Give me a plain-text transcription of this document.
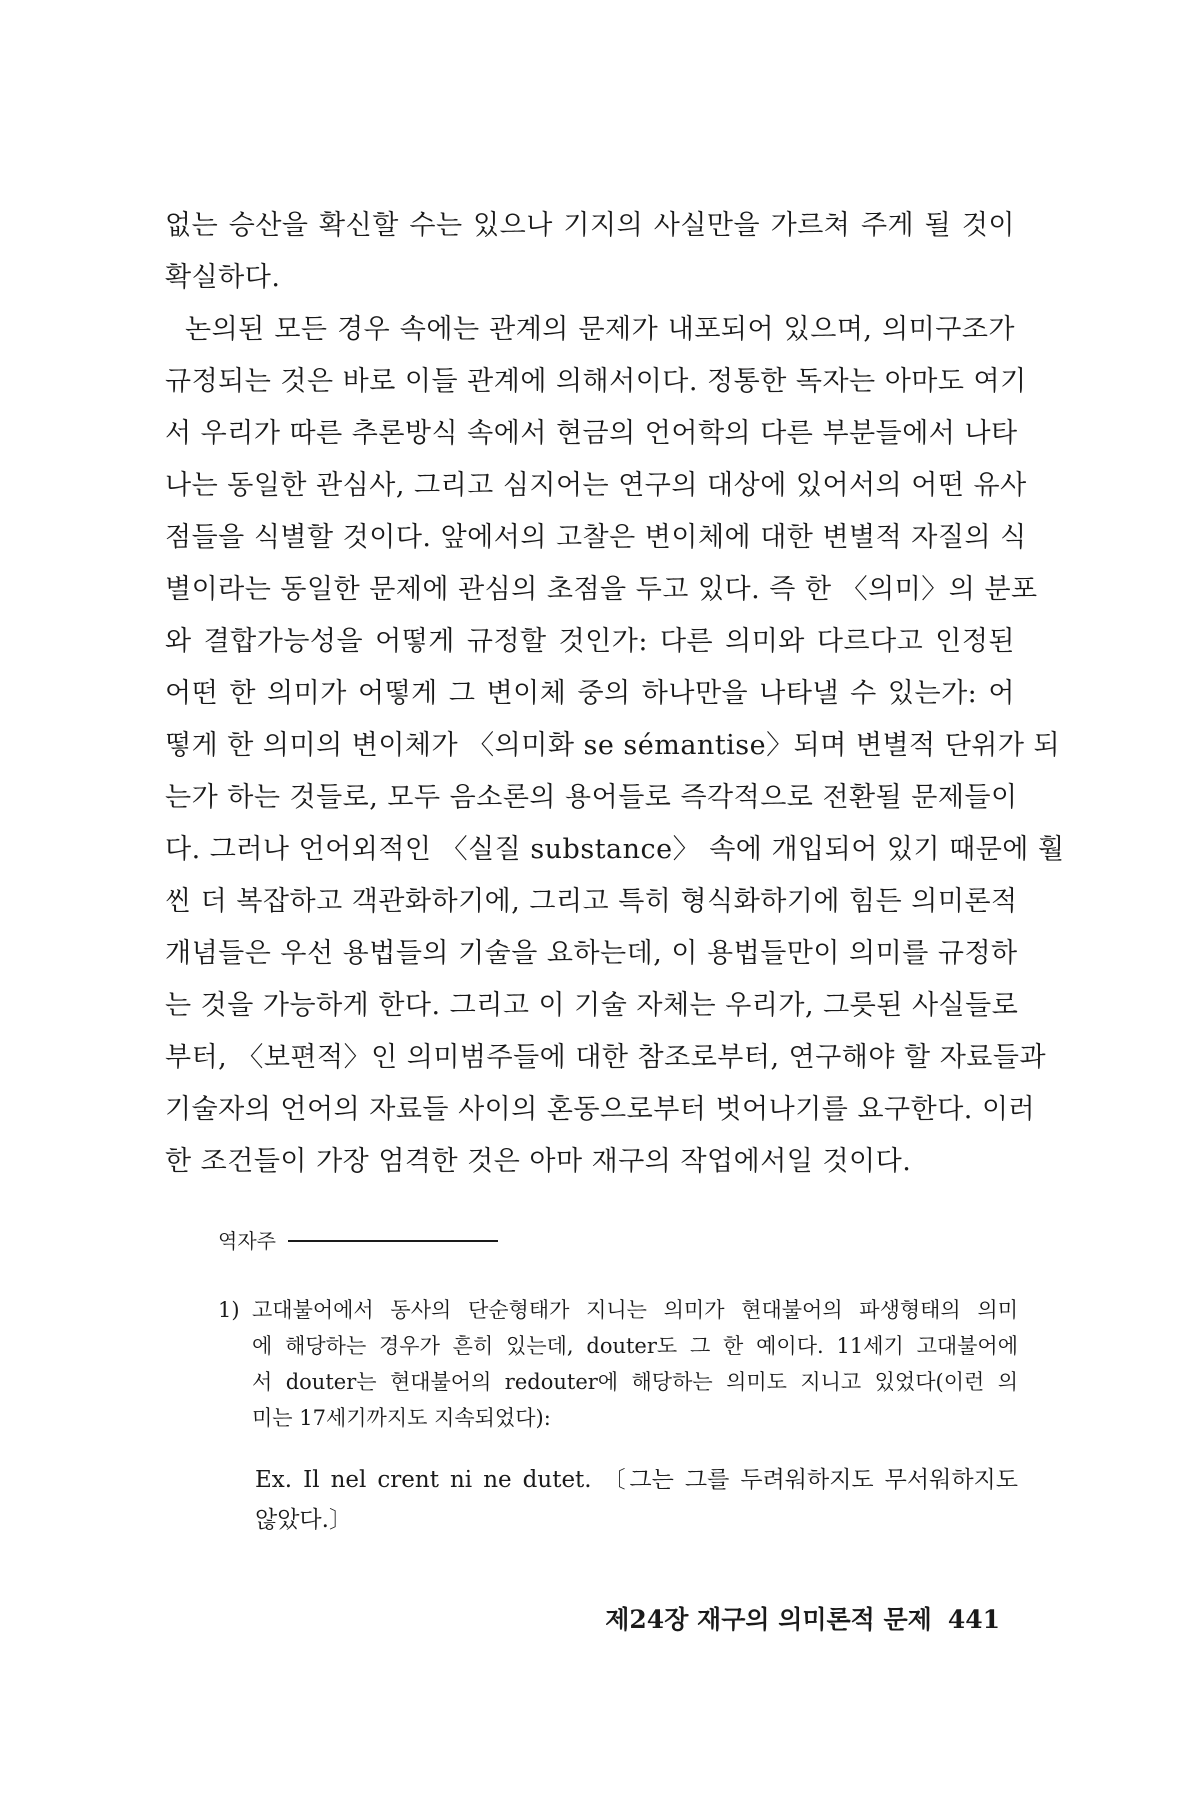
없는 승산을 확신할 수는 있으나 기지의 사실만을 가르쳐 주게 될 것이
확실하다.
논의된 모든 경우 속에는 관계의 문제가 내포되어 있으며, 의미구조가
규정되는 것은 바로 이들 관계에 의해서이다. 정통한 독자는 아마도 여기
서 우리가 따른 추론방식 속에서 현금의 언어학의 다른 부분들에서 나타
나는 동일한 관심사, 그리고 심지어는 연구의 대상에 있어서의 어떤 유사
점들을 식별할 것이다. 앞에서의 고찰은 변이체에 대한 변별적 자질의 식
별이라는 동일한 문제에 관심의 초점을 두고 있다. 즉 한 〈의미〉의 분포
와 결합가능성을 어떻게 규정할 것인가: 다른 의미와 다르다고 인정된
어떤 한 의미가 어떻게 그 변이체 중의 하나만을 나타낼 수 있는가: 어
떻게 한 의미의 변이체가 〈의미화 se sémantise〉되며 변별적 단위가 되
는가 하는 것들로, 모두 음소론의 용어들로 즉각적으로 전환될 문제들이
다. 그러나 언어외적인 〈실질 substance〉 속에 개입되어 있기 때문에 훨
씬 더 복잡하고 객관화하기에, 그리고 특히 형식화하기에 힘든 의미론적
개념들은 우선 용법들의 기술을 요하는데, 이 용법들만이 의미를 규정하
는 것을 가능하게 한다. 그리고 이 기술 자체는 우리가, 그릇된 사실들로
부터, 〈보편적〉인 의미범주들에 대한 참조로부터, 연구해야 할 자료들과
기술자의 언어의 자료들 사이의 혼동으로부터 벗어나기를 요구한다. 이러
한 조건들이 가장 엄격한 것은 아마 재구의 작업에서일 것이다.
역자주
1) 고대불어에서 동사의 단순형태가 지니는 의미가 현대불어의 파생형태의 의미
에 해당하는 경우가 흔히 있는데, douter도 그 한 예이다. 11세기 고대불어에
서 douter는 현대불어의 redouter에 해당하는 의미도 지니고 있었다(이런 의
미는 17세기까지도 지속되었다):
Ex. Il nel crent ni ne dutet. 〔그는 그를 두려워하지도 무서워하지도
않았다.〕
제24장 재구의 의미론적 문제 441
